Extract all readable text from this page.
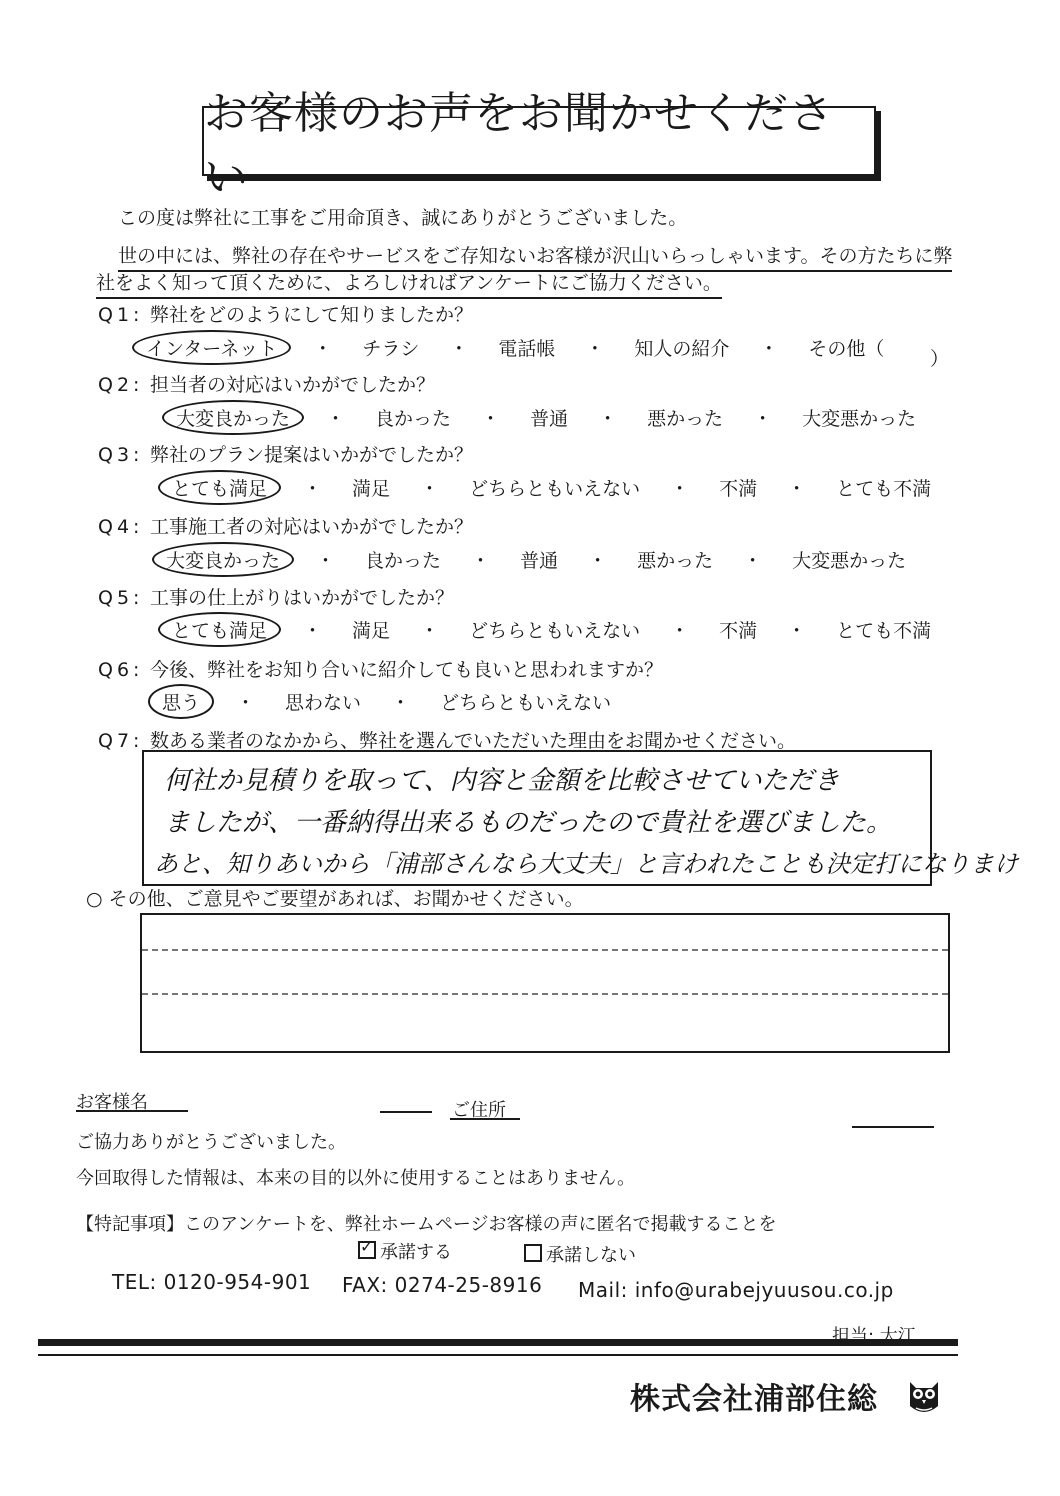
お客様のお声をお聞かせください
この度は弊社に工事をご用命頂き、誠にありがとうございました。
世の中には、弊社の存在やサービスをご存知ないお客様が沢山いらっしゃいます。その方たちに弊
社をよく知って頂くために、よろしければアンケートにご協力ください。
Q1: 弊社をどのようにして知りましたか？
インターネット	・	チラシ	・	電話帳	・	知人の紹介	・	その他（	）
Q2: 担当者の対応はいかがでしたか？
大変良かった	・	良かった	・	普通	・	悪かった	・	大変悪かった
Q3: 弊社のプラン提案はいかがでしたか？
とても満足	・	満足	・	どちらともいえない	・	不満	・	とても不満
Q4: 工事施工者の対応はいかがでしたか？
大変良かった	・	良かった	・	普通	・	悪かった	・	大変悪かった
Q5: 工事の仕上がりはいかがでしたか？
とても満足	・	満足	・	どちらともいえない	・	不満	・	とても不満
Q6: 今後、弊社をお知り合いに紹介しても良いと思われますか？
思う	・	思わない	・	どちらともいえない
Q7: 数ある業者のなかから、弊社を選んでいただいた理由をお聞かせください。
何社か見積りを取って、内容と金額を比較させていただき
ましたが、一番納得出来るものだったので貴社を選びました。
あと、知りあいから「浦部さんなら大丈夫」と言われたことも決定打になりまけ
○ その他、ご意見やご要望があれば、お聞かせください。
お客様名	ご住所
ご協力ありがとうございました。
今回取得した情報は、本来の目的以外に使用することはありません。
【特記事項】このアンケートを、弊社ホームページお客様の声に匿名で掲載することを
✓承諾する	承諾しない
TEL: 0120-954-901 FAX: 0274-25-8916 Mail: info@urabejyuusou.co.jp
担当: 大江
株式会社浦部住総
